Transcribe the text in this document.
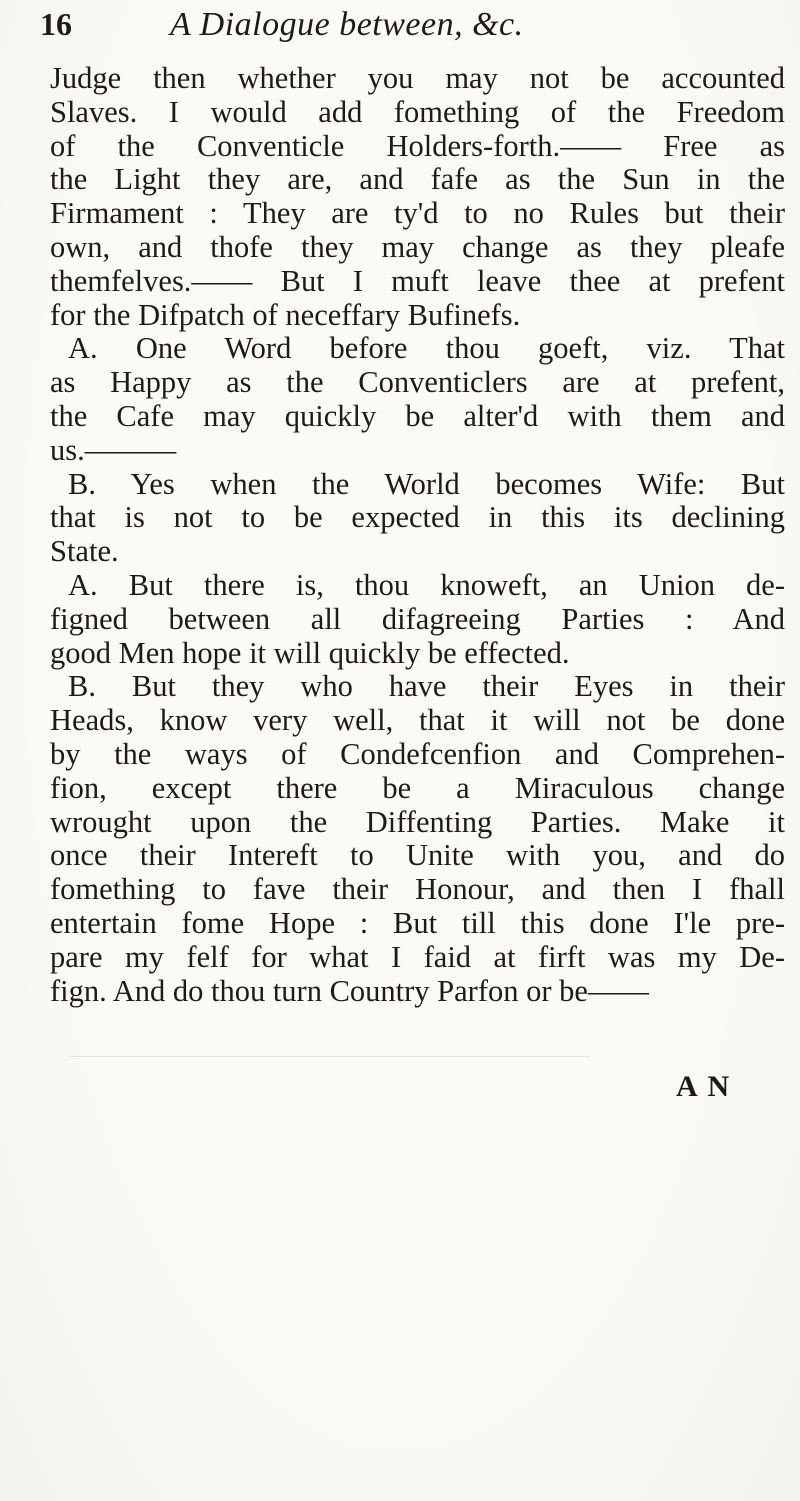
16	A Dialogue between, &c.
Judge then whether you may not be accounted
Slaves. I would add fomething of the Freedom
of the Conventicle Holders-forth.—— Free as
the Light they are, and fafe as the Sun in the
Firmament : They are ty'd to no Rules but their
own, and thofe they may change as they pleafe
themfelves.—— But I muft leave thee at prefent
for the Difpatch of neceffary Bufinefs.
A. One Word before thou goeft, viz. That
as Happy as the Conventiclers are at prefent,
the Cafe may quickly be alter'd with them and
us.———
B. Yes when the World becomes Wife: But
that is not to be expected in this its declining
State.
A. But there is, thou knoweft, an Union de-
figned between all difagreeing Parties : And
good Men hope it will quickly be effected.
B. But they who have their Eyes in their
Heads, know very well, that it will not be done
by the ways of Condefcenfion and Comprehen-
fion, except there be a Miraculous change
wrought upon the Diffenting Parties. Make it
once their Intereft to Unite with you, and do
fomething to fave their Honour, and then I fhall
entertain fome Hope : But till this done I'le pre-
pare my felf for what I faid at firft was my De-
fign. And do thou turn Country Parfon or be——
A N
